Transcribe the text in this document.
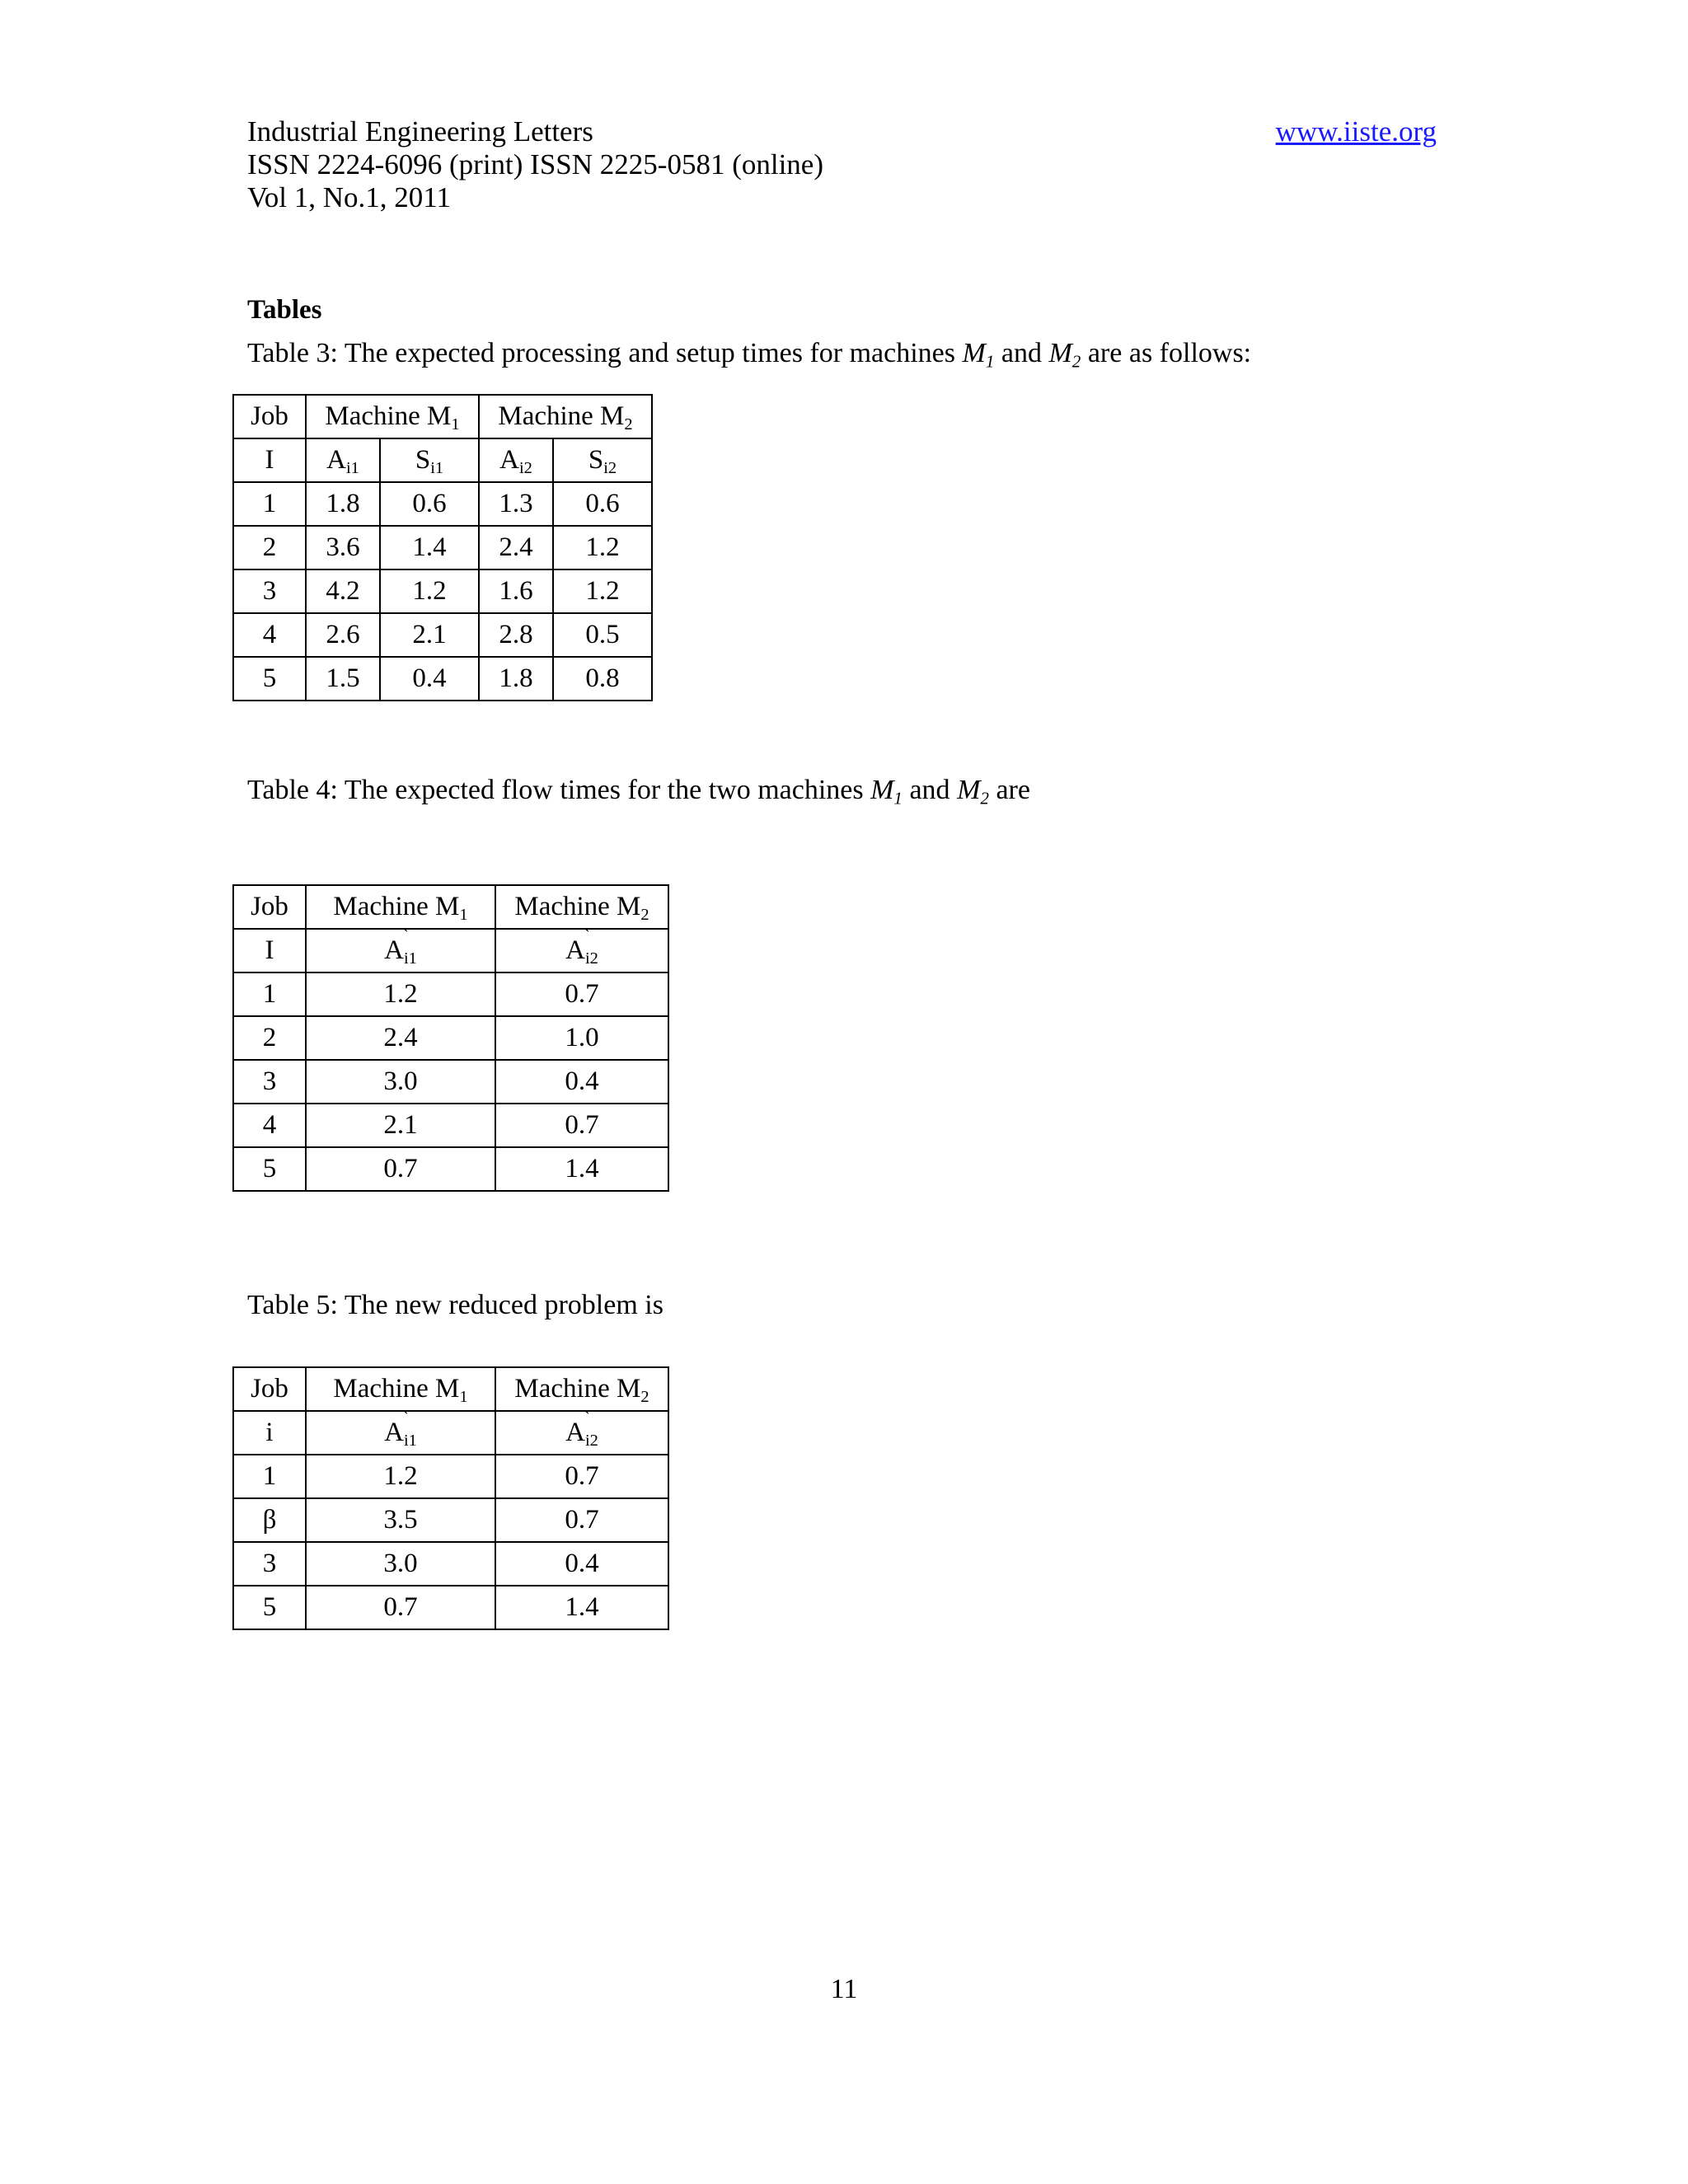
Industrial Engineering Letters
ISSN 2224-6096 (print) ISSN 2225-0581 (online)
Vol 1, No.1, 2011
www.iiste.org
Tables
Table 3: The expected processing and setup times for machines $M_1$ and $M_2$ are as follows:
Job	Machine $M_1$		Machine $M_2$
I	$A_{i1}$	$S_{i1}$	$A_{i2}$	$S_{i2}$
1	1.8	0.6	1.3	0.6
2	3.6	1.4	2.4	1.2
3	4.2	1.2	1.6	1.2
4	2.6	2.1	2.8	0.5
5	1.5	0.4	1.8	0.8
Table 4: The expected flow times for the two machines $M_1$ and $M_2$ are
Job	Machine $M_1$	Machine $M_2$
I	A ˋ$_{i1}$	A ˋ$_{i2}$
1	1.2	0.7
2	2.4	1.0
3	3.0	0.4
4	2.1	0.7
5	0.7	1.4
Table 5: The new reduced problem is
Job	Machine $M_1$	Machine $M_2$
i	A ˋ$_{i1}$	A ˋ$_{i2}$
1	1.2	0.7
β	3.5	0.7
3	3.0	0.4
5	0.7	1.4
11
